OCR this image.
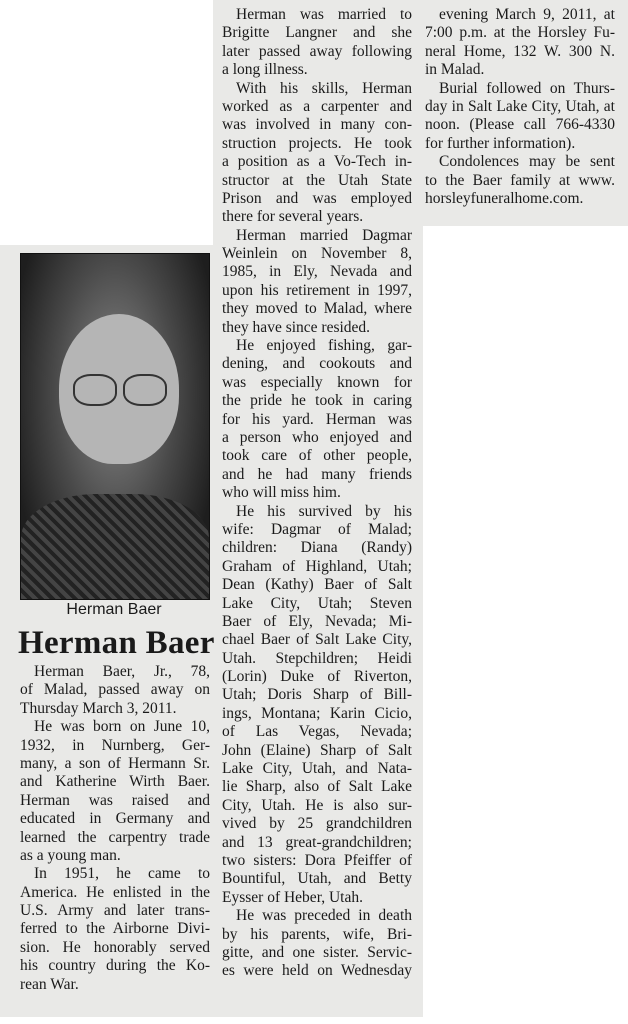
Herman Baer
Herman Baer
Herman Baer, Jr., 78,
of Malad, passed away on
Thursday March 3, 2011.
He was born on June 10,
1932, in Nurnberg, Ger-
many, a son of Hermann Sr.
and Katherine Wirth Baer.
Herman was raised and
educated in Germany and
learned the carpentry trade
as a young man.
In 1951, he came to
America. He enlisted in the
U.S. Army and later trans-
ferred to the Airborne Divi-
sion. He honorably served
his country during the Ko-
rean War.
Herman was married to
Brigitte Langner and she
later passed away following
a long illness.
With his skills, Herman
worked as a carpenter and
was involved in many con-
struction projects. He took
a position as a Vo-Tech in-
structor at the Utah State
Prison and was employed
there for several years.
Herman married Dagmar
Weinlein on November 8,
1985, in Ely, Nevada and
upon his retirement in 1997,
they moved to Malad, where
they have since resided.
He enjoyed fishing, gar-
dening, and cookouts and
was especially known for
the pride he took in caring
for his yard. Herman was
a person who enjoyed and
took care of other people,
and he had many friends
who will miss him.
He his survived by his
wife: Dagmar of Malad;
children: Diana (Randy)
Graham of Highland, Utah;
Dean (Kathy) Baer of Salt
Lake City, Utah; Steven
Baer of Ely, Nevada; Mi-
chael Baer of Salt Lake City,
Utah. Stepchildren; Heidi
(Lorin) Duke of Riverton,
Utah; Doris Sharp of Bill-
ings, Montana; Karin Cicio,
of Las Vegas, Nevada;
John (Elaine) Sharp of Salt
Lake City, Utah, and Nata-
lie Sharp, also of Salt Lake
City, Utah. He is also sur-
vived by 25 grandchildren
and 13 great-grandchildren;
two sisters: Dora Pfeiffer of
Bountiful, Utah, and Betty
Eysser of Heber, Utah.
He was preceded in death
by his parents, wife, Bri-
gitte, and one sister. Servic-
es were held on Wednesday
evening March 9, 2011, at
7:00 p.m. at the Horsley Fu-
neral Home, 132 W. 300 N.
in Malad.
Burial followed on Thurs-
day in Salt Lake City, Utah, at
noon. (Please call 766-4330
for further information).
Condolences may be sent
to the Baer family at www.
horsleyfuneralhome.com.
